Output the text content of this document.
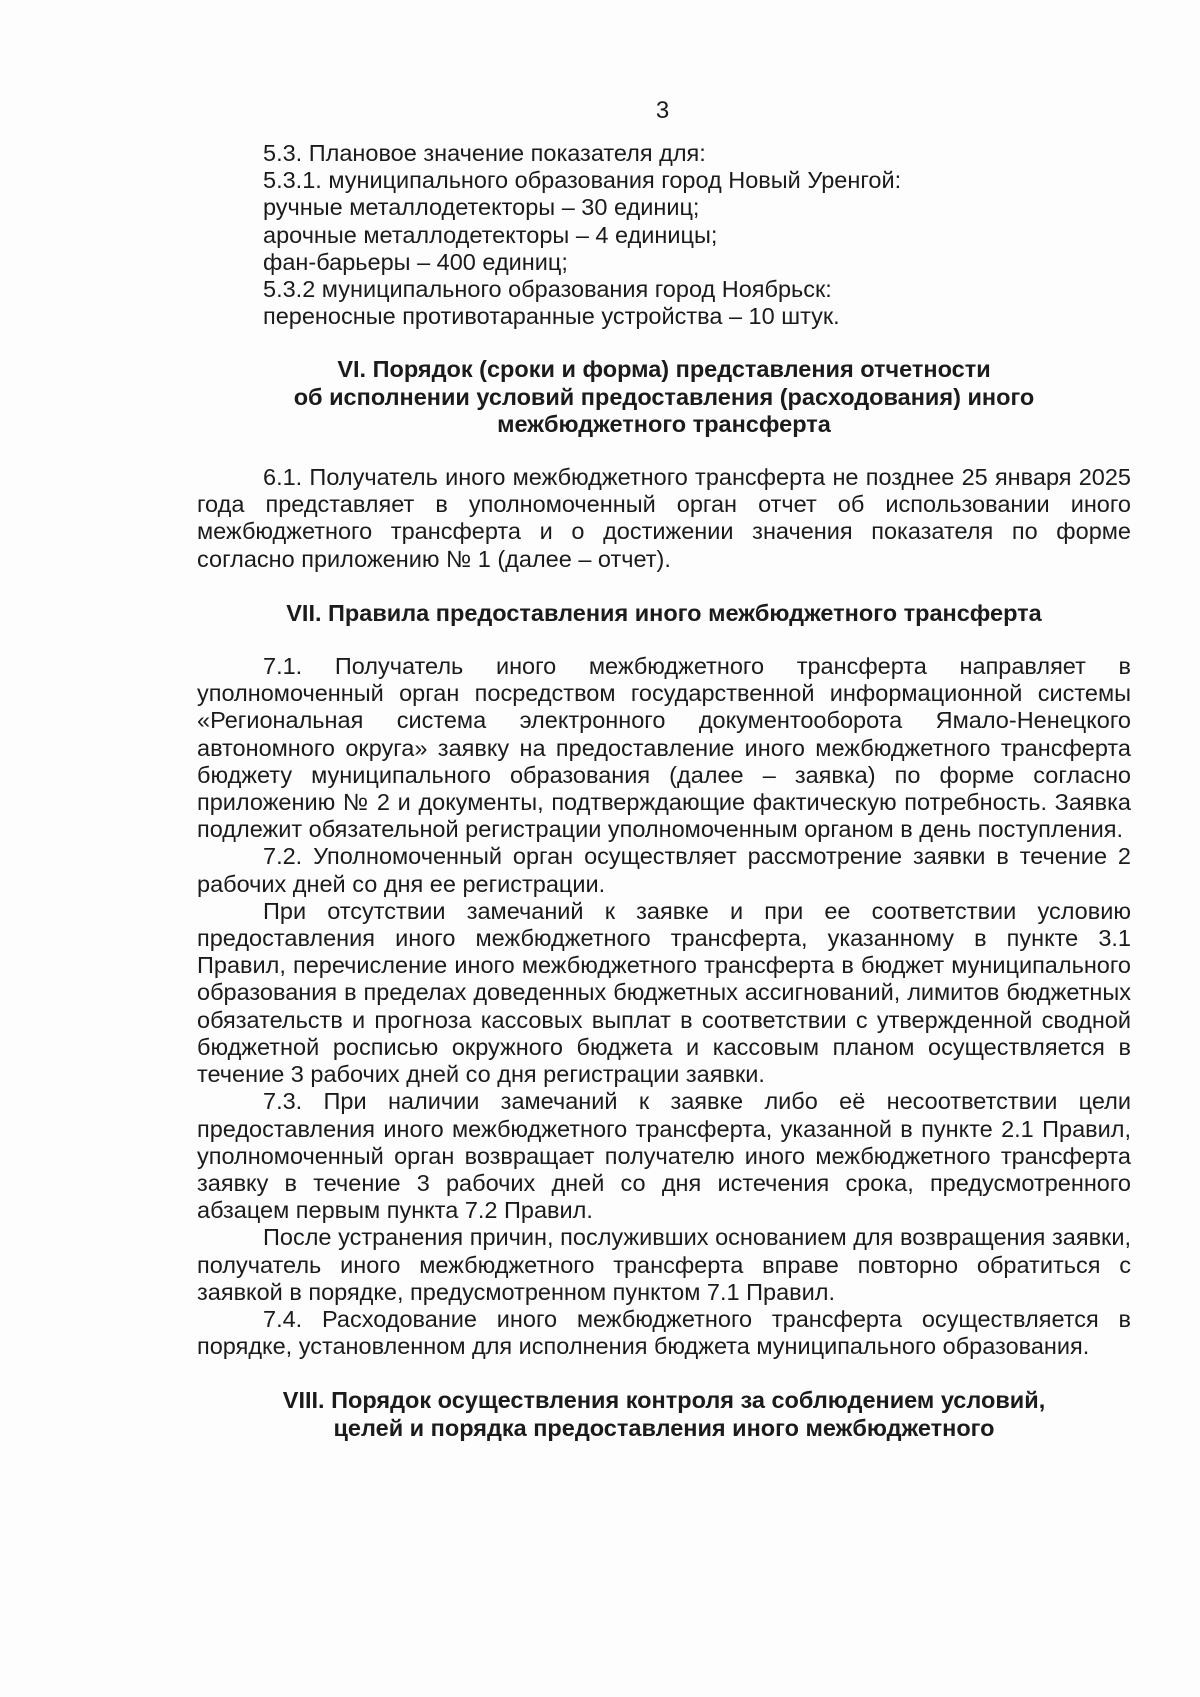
3

5.3. Плановое значение показателя для:

5.3.1. муниципального образования город Новый Уренгой:

ручные металлодетекторы – 30 единиц;

арочные металлодетекторы – 4 единицы;

фан-барьеры – 400 единиц;

5.3.2 муниципального образования город Ноябрьск:

переносные противотаранные устройства – 10 штук.

VI. Порядок (сроки и форма) представления отчетности
об исполнении условий предоставления (расходования) иного
межбюджетного трансферта

6.1. Получатель иного межбюджетного трансферта не позднее 25 января 2025 года представляет в уполномоченный орган отчет об использовании иного межбюджетного трансферта и о достижении значения показателя по форме согласно приложению № 1 (далее – отчет).

VII. Правила предоставления иного межбюджетного трансферта

7.1. Получатель иного межбюджетного трансферта направляет в уполномоченный орган посредством государственной информационной системы «Региональная система электронного документооборота Ямало-Ненецкого автономного округа» заявку на предоставление иного межбюджетного трансферта бюджету муниципального образования (далее – заявка) по форме согласно приложению № 2 и документы, подтверждающие фактическую потребность. Заявка подлежит обязательной регистрации уполномоченным органом в день поступления.

7.2. Уполномоченный орган осуществляет рассмотрение заявки в течение 2 рабочих дней со дня ее регистрации.

При отсутствии замечаний к заявке и при ее соответствии условию предоставления иного межбюджетного трансферта, указанному в пункте 3.1 Правил, перечисление иного межбюджетного трансферта в бюджет муниципального образования в пределах доведенных бюджетных ассигнований, лимитов бюджетных обязательств и прогноза кассовых выплат в соответствии с утвержденной сводной бюджетной росписью окружного бюджета и кассовым планом осуществляется в течение 3 рабочих дней со дня регистрации заявки.

7.3. При наличии замечаний к заявке либо её несоответствии цели предоставления иного межбюджетного трансферта, указанной в пункте 2.1 Правил, уполномоченный орган возвращает получателю иного межбюджетного трансферта заявку в течение 3 рабочих дней со дня истечения срока, предусмотренного абзацем первым пункта 7.2 Правил.

После устранения причин, послуживших основанием для возвращения заявки, получатель иного межбюджетного трансферта вправе повторно обратиться с заявкой в порядке, предусмотренном пунктом 7.1 Правил.

7.4. Расходование иного межбюджетного трансферта осуществляется в порядке, установленном для исполнения бюджета муниципального образования.

VIII. Порядок осуществления контроля за соблюдением условий,
целей и порядка предоставления иного межбюджетного
